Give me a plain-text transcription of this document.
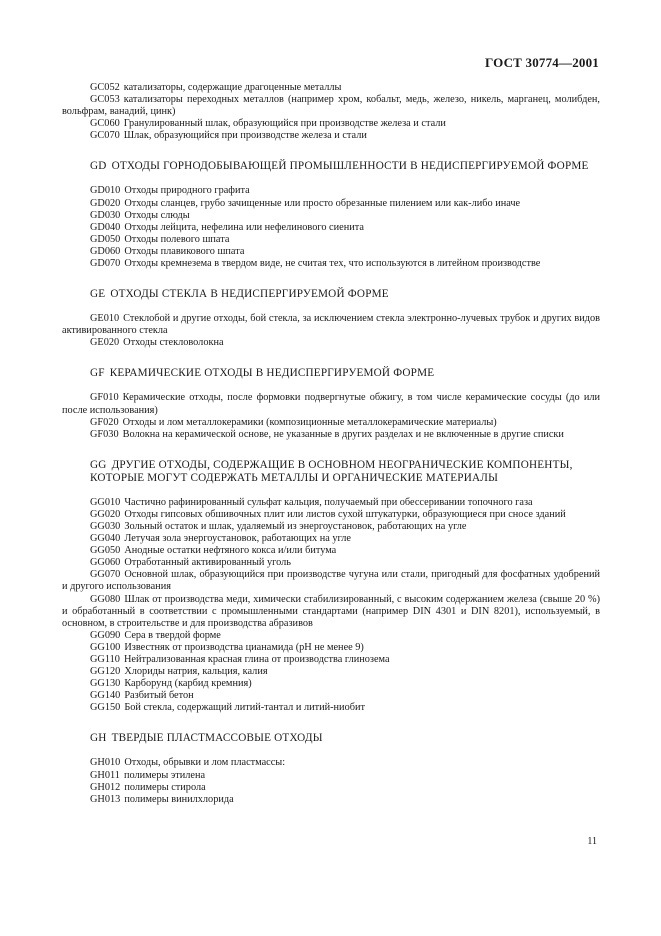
ГОСТ 30774—2001

GC052 катализаторы, содержащие драгоценные металлы

GC053 катализаторы переходных металлов (например хром, кобальт, медь, железо, никель, марганец, молибден, вольфрам, ванадий, цинк)

GC060 Гранулированный шлак, образующийся при производстве железа и стали

GC070 Шлак, образующийся при производстве железа и стали

GD ОТХОДЫ ГОРНОДОБЫВАЮЩЕЙ ПРОМЫШЛЕННОСТИ В НЕДИСПЕРГИРУЕМОЙ ФОРМЕ

GD010 Отходы природного графита

GD020 Отходы сланцев, грубо зачищенные или просто обрезанные пилением или как-либо иначе

GD030 Отходы слюды

GD040 Отходы лейцита, нефелина или нефелинового сиенита

GD050 Отходы полевого шпата

GD060 Отходы плавикового шпата

GD070 Отходы кремнезема в твердом виде, не считая тех, что используются в литейном производстве

GE ОТХОДЫ СТЕКЛА В НЕДИСПЕРГИРУЕМОЙ ФОРМЕ

GE010 Стеклобой и другие отходы, бой стекла, за исключением стекла электронно-лучевых трубок и других видов активированного стекла

GE020 Отходы стекловолокна

GF КЕРАМИЧЕСКИЕ ОТХОДЫ В НЕДИСПЕРГИРУЕМОЙ ФОРМЕ

GF010 Керамические отходы, после формовки подвергнутые обжигу, в том числе керамические сосуды (до или после использования)

GF020 Отходы и лом металлокерамики (композиционные металлокерамические материалы)

GF030 Волокна на керамической основе, не указанные в других разделах и не включенные в другие списки

GG ДРУГИЕ ОТХОДЫ, СОДЕРЖАЩИЕ В ОСНОВНОМ НЕОГРАНИЧЕСКИЕ КОМПОНЕНТЫ,
КОТОРЫЕ МОГУТ СОДЕРЖАТЬ МЕТАЛЛЫ И ОРГАНИЧЕСКИЕ МАТЕРИАЛЫ

GG010 Частично рафинированный сульфат кальция, получаемый при обессеривании топочного газа

GG020 Отходы гипсовых обшивочных плит или листов сухой штукатурки, образующиеся при сносе зданий

GG030 Зольный остаток и шлак, удаляемый из энергоустановок, работающих на угле

GG040 Летучая зола энергоустановок, работающих на угле

GG050 Анодные остатки нефтяного кокса и/или битума

GG060 Отработанный активированный уголь

GG070 Основной шлак, образующийся при производстве чугуна или стали, пригодный для фосфатных удобрений и другого использования

GG080 Шлак от производства меди, химически стабилизированный, с высоким содержанием железа (свыше 20 %) и обработанный в соответствии с промышленными стандартами (например DIN 4301 и DIN 8201), используемый, в основном, в строительстве и для производства абразивов

GG090 Сера в твердой форме

GG100 Известняк от производства цианамида (рН не менее 9)

GG110 Нейтрализованная красная глина от производства глинозема

GG120 Хлориды натрия, кальция, калия

GG130 Карборунд (карбид кремния)

GG140 Разбитый бетон

GG150 Бой стекла, содержащий литий-тантал и литий-ниобит

GH ТВЕРДЫЕ ПЛАСТМАССОВЫЕ ОТХОДЫ

GH010 Отходы, обрывки и лом пластмассы:

GH011 полимеры этилена

GH012 полимеры стирола

GH013 полимеры винилхлорида

11
